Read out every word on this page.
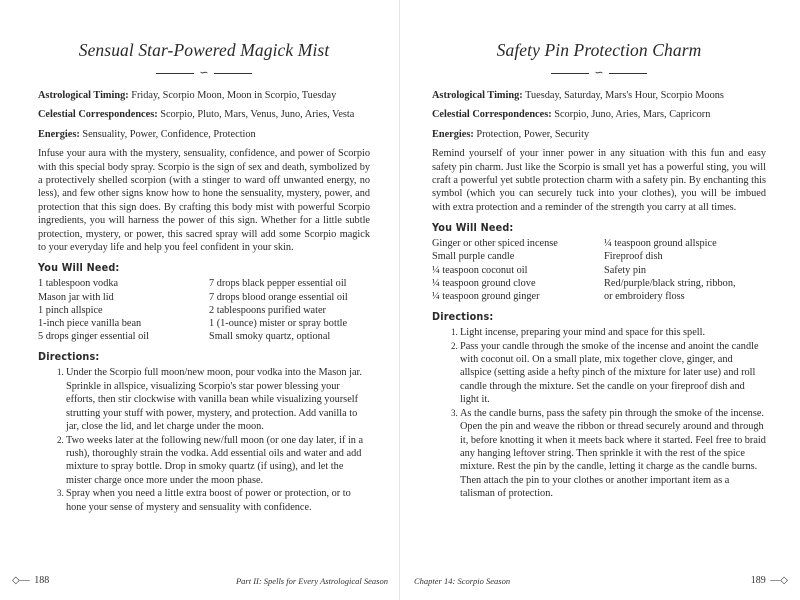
Sensual Star-Powered Magick Mist
∽

Astrological Timing: Friday, Scorpio Moon, Moon in Scorpio, Tuesday

Celestial Correspondences: Scorpio, Pluto, Mars, Venus, Juno, Aries, Vesta

Energies: Sensuality, Power, Confidence, Protection

Infuse your aura with the mystery, sensuality, confidence, and power of Scorpio with this special body spray. Scorpio is the sign of sex and death, symbolized by a protectively shelled scorpion (with a stinger to ward off unwanted energy, no less), and few other signs know how to hone the sensuality, mystery, power, and protection that this sign does. By crafting this body mist with powerful Scorpio ingredients, you will harness the power of this sign. Whether for a little subtle protection, mystery, or power, this sacred spray will add some Scorpio magick to your everyday life and help you feel confident in your skin.

You Will Need:
1 tablespoon vodka	7 drops black pepper essential oil
Mason jar with lid	7 drops blood orange essential oil
1 pinch allspice	2 tablespoons purified water
1-inch piece vanilla bean	1 (1-ounce) mister or spray bottle
5 drops ginger essential oil	Small smoky quartz, optional
Directions:
1. Under the Scorpio full moon/new moon, pour vodka into the Mason jar. Sprinkle in allspice, visualizing Scorpio's star power blessing your efforts, then stir clockwise with vanilla bean while visualizing yourself strutting your stuff with power, mystery, and protection. Add vanilla to jar, close the lid, and let charge under the moon.
2. Two weeks later at the following new/full moon (or one day later, if in a rush), thoroughly strain the vodka. Add essential oils and water and add mixture to spray bottle. Drop in smoky quartz (if using), and let the mister charge once more under the moon phase.
3. Spray when you need a little extra boost of power or protection, or to hone your sense of mystery and sensuality with confidence.
◇— 188	Part II: Spells for Every Astrological Season
Safety Pin Protection Charm
∽

Astrological Timing: Tuesday, Saturday, Mars's Hour, Scorpio Moons

Celestial Correspondences: Scorpio, Juno, Aries, Mars, Capricorn

Energies: Protection, Power, Security

Remind yourself of your inner power in any situation with this fun and easy safety pin charm. Just like the Scorpio is small yet has a powerful sting, you will craft a powerful yet subtle protection charm with a safety pin. By enchanting this symbol (which you can securely tuck into your clothes), you will be imbued with extra protection and a reminder of the strength you carry at all times.

You Will Need:
Ginger or other spiced incense	¼ teaspoon ground allspice
Small purple candle	Fireproof dish
¼ teaspoon coconut oil	Safety pin
¼ teaspoon ground clove	Red/purple/black string, ribbon,
¼ teaspoon ground ginger	or embroidery floss
Directions:
1. Light incense, preparing your mind and space for this spell.
2. Pass your candle through the smoke of the incense and anoint the candle with coconut oil. On a small plate, mix together clove, ginger, and allspice (setting aside a hefty pinch of the mixture for later use) and roll candle through the mixture. Set the candle on your fireproof dish and light it.
3. As the candle burns, pass the safety pin through the smoke of the incense. Open the pin and weave the ribbon or thread securely around and through it, before knotting it when it meets back where it started. Feel free to braid any hanging leftover string. Then sprinkle it with the rest of the spice mixture. Rest the pin by the candle, letting it charge as the candle burns. Then attach the pin to your clothes or another important item as a talisman of protection.
Chapter 14: Scorpio Season	189 —◇
